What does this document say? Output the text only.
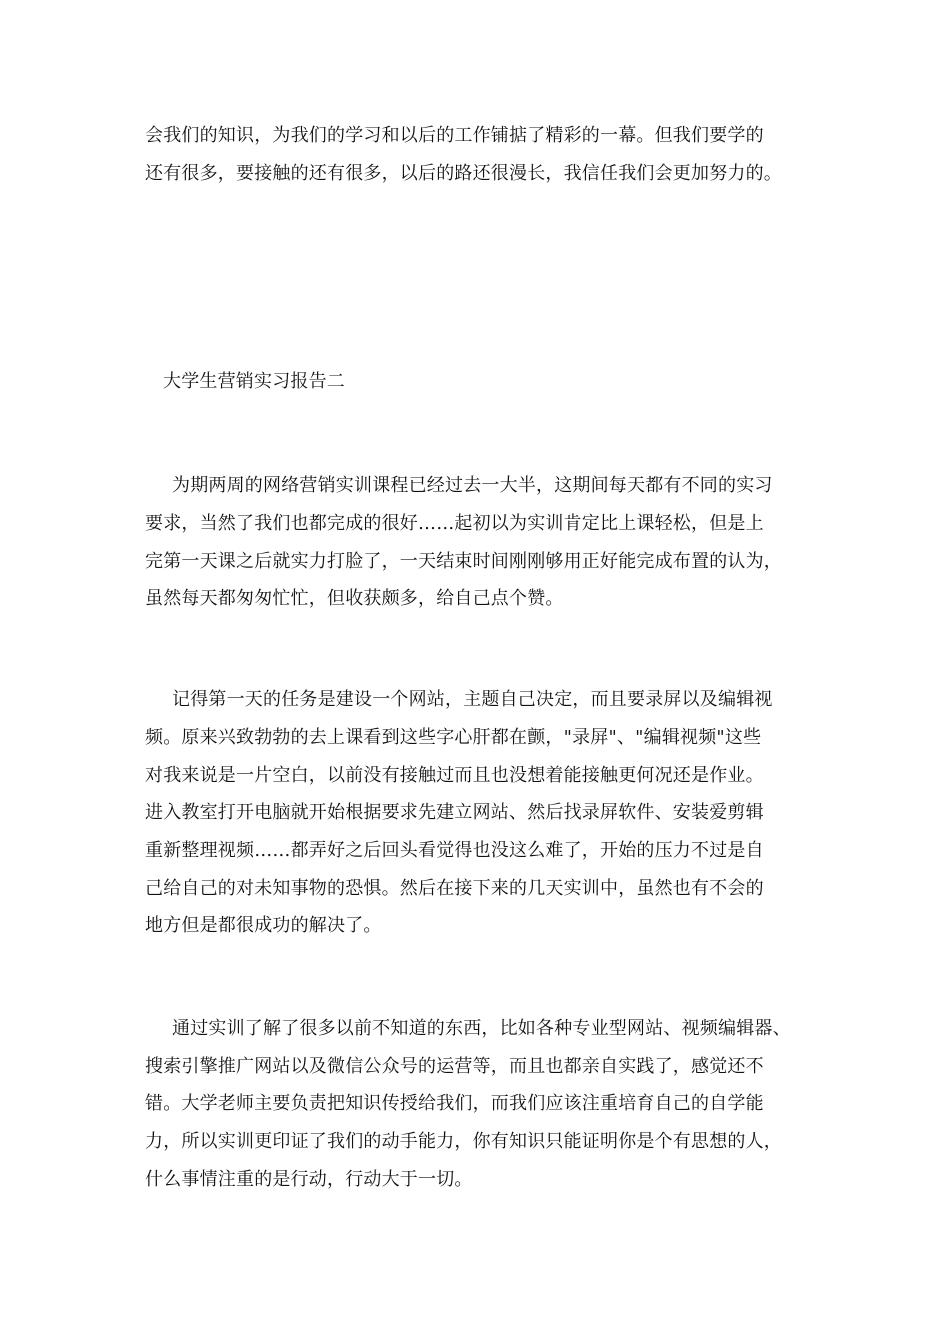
会我们的知识，为我们的学习和以后的工作铺掂了精彩的一幕。但我们要学的

还有很多，要接触的还有很多，以后的路还很漫长，我信任我们会更加努力的。

大学生营销实习报告二

为期两周的网络营销实训课程已经过去一大半，这期间每天都有不同的实习

要求，当然了我们也都完成的很好……起初以为实训肯定比上课轻松，但是上

完第一天课之后就实力打脸了，一天结束时间刚刚够用正好能完成布置的认为，

虽然每天都匆匆忙忙，但收获颇多，给自己点个赞。

记得第一天的任务是建设一个网站，主题自己决定，而且要录屏以及编辑视

频。原来兴致勃勃的去上课看到这些字心肝都在颤，"录屏"、"编辑视频"这些

对我来说是一片空白，以前没有接触过而且也没想着能接触更何况还是作业。

进入教室打开电脑就开始根据要求先建立网站、然后找录屏软件、安装爱剪辑

重新整理视频……都弄好之后回头看觉得也没这么难了，开始的压力不过是自

己给自己的对未知事物的恐惧。然后在接下来的几天实训中，虽然也有不会的

地方但是都很成功的解决了。

通过实训了解了很多以前不知道的东西，比如各种专业型网站、视频编辑器、

搜索引擎推广网站以及微信公众号的运营等，而且也都亲自实践了，感觉还不

错。大学老师主要负责把知识传授给我们，而我们应该注重培育自己的自学能

力，所以实训更印证了我们的动手能力，你有知识只能证明你是个有思想的人，

什么事情注重的是行动，行动大于一切。
